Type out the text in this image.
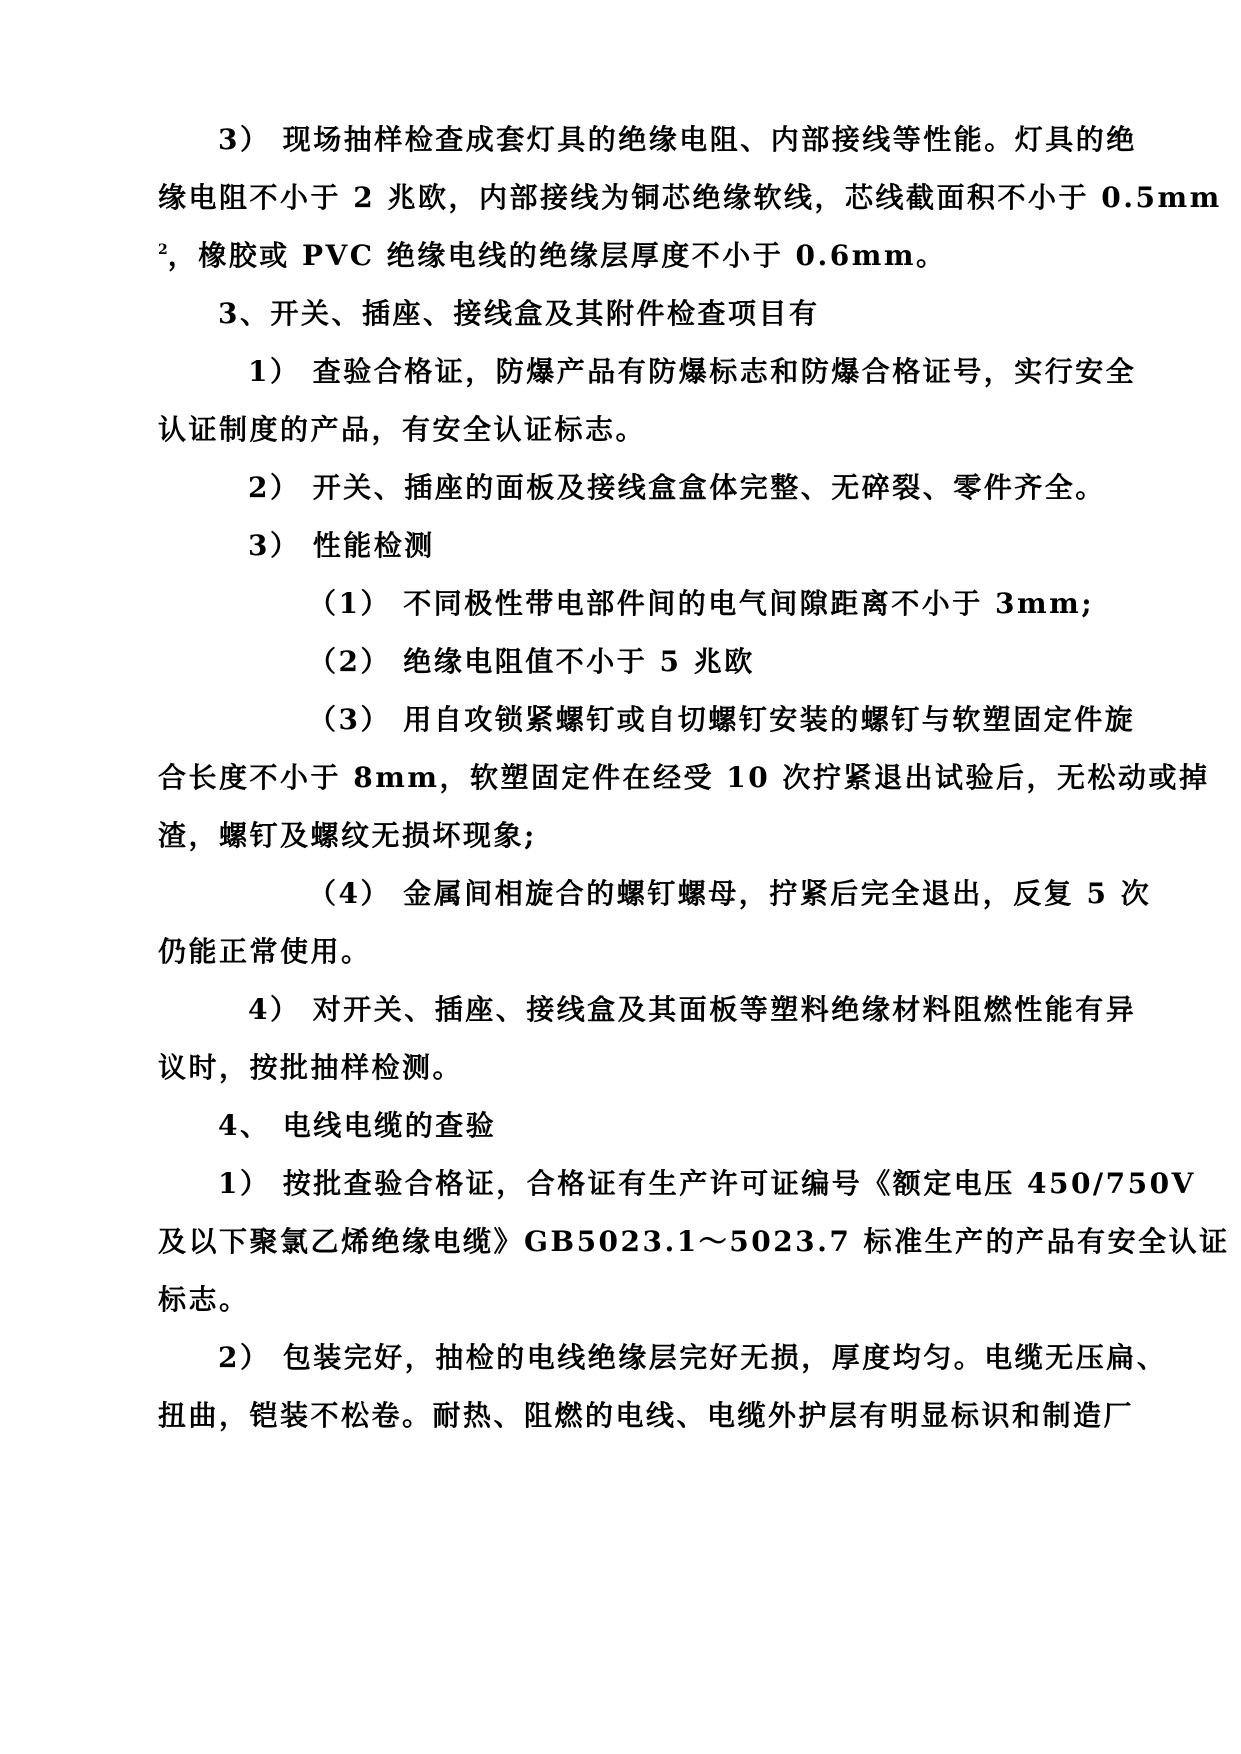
3） 现场抽样检查成套灯具的绝缘电阻、内部接线等性能。灯具的绝
缘电阻不小于 2 兆欧，内部接线为铜芯绝缘软线，芯线截面积不小于 0.5mm
$^2$，橡胶或 PVC 绝缘电线的绝缘层厚度不小于 0.6mm。
3、开关、插座、接线盒及其附件检查项目有
1） 查验合格证，防爆产品有防爆标志和防爆合格证号，实行安全
认证制度的产品，有安全认证标志。
2） 开关、插座的面板及接线盒盒体完整、无碎裂、零件齐全。
3） 性能检测
（1） 不同极性带电部件间的电气间隙距离不小于 3mm;
（2） 绝缘电阻值不小于 5 兆欧
（3） 用自攻锁紧螺钉或自切螺钉安装的螺钉与软塑固定件旋
合长度不小于 8mm，软塑固定件在经受 10 次拧紧退出试验后，无松动或掉
渣，螺钉及螺纹无损坏现象;
（4） 金属间相旋合的螺钉螺母，拧紧后完全退出，反复 5 次
仍能正常使用。
4） 对开关、插座、接线盒及其面板等塑料绝缘材料阻燃性能有异
议时，按批抽样检测。
4、 电线电缆的查验
1） 按批查验合格证，合格证有生产许可证编号《额定电压 450/750V
及以下聚氯乙烯绝缘电缆》GB5023.1～5023.7 标准生产的产品有安全认证
标志。
2） 包装完好，抽检的电线绝缘层完好无损，厚度均匀。电缆无压扁、
扭曲，铠装不松卷。耐热、阻燃的电线、电缆外护层有明显标识和制造厂
